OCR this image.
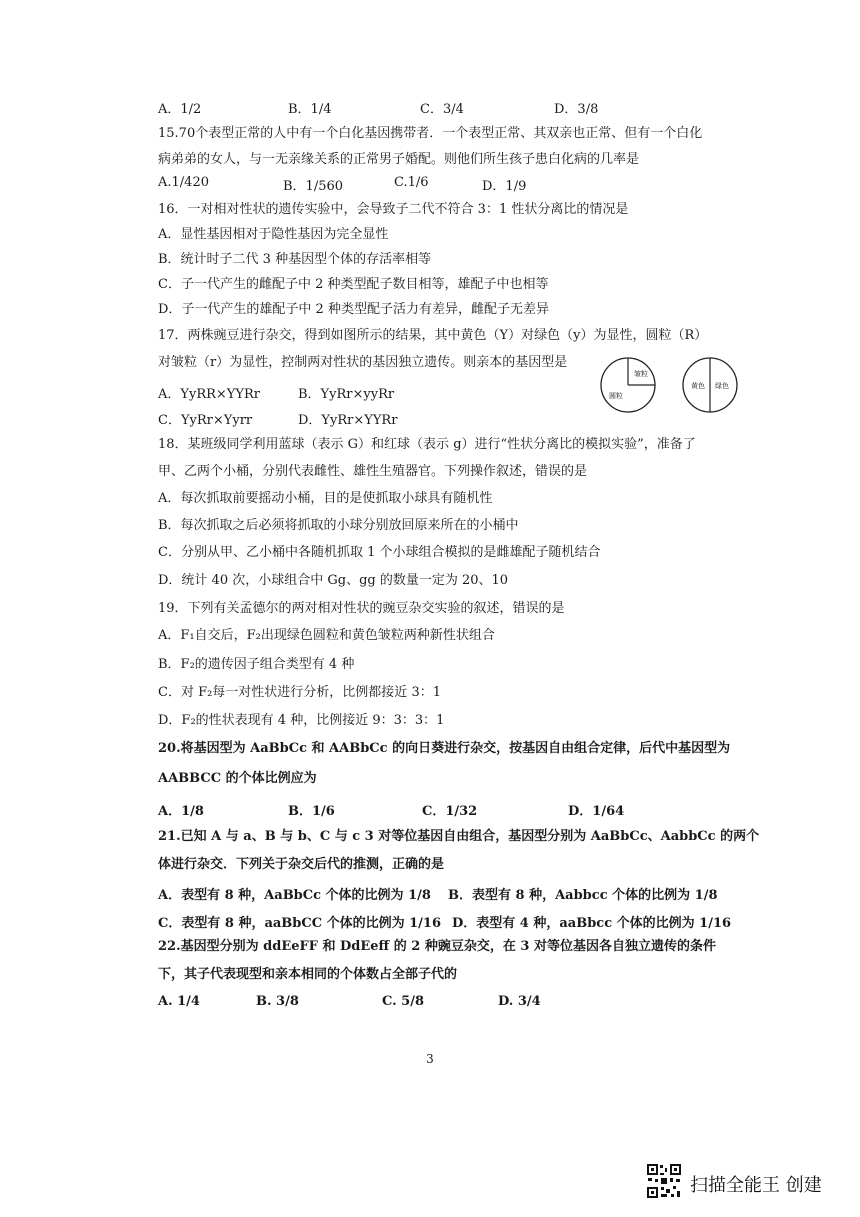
A．1/2	B．1/4	C．3/4	D．3/8
15.70个表型正常的人中有一个白化基因携带者．一个表型正常、其双亲也正常、但有一个白化
病弟弟的女人，与一无亲缘关系的正常男子婚配。则他们所生孩子患白化病的几率是
A.1/420	B．1/560	C.1/6	D．1/9
16．一对相对性状的遗传实验中，会导致子二代不符合 3：1 性状分离比的情况是
A．显性基因相对于隐性基因为完全显性
B．统计时子二代 3 种基因型个体的存活率相等
C．子一代产生的雌配子中 2 种类型配子数目相等，雄配子中也相等
D．子一代产生的雄配子中 2 种类型配子活力有差异，雌配子无差异
17．两株豌豆进行杂交，得到如图所示的结果，其中黄色（Y）对绿色（y）为显性，圆粒（R）
对皱粒（r）为显性，控制两对性状的基因独立遗传。则亲本的基因型是
A．YyRR×YYRr	B．YyRr×yyRr
C．YyRr×Yyrr	D．YyRr×YYRr
皱粒
圆粒
黄色 绿色
18．某班级同学利用蓝球（表示 G）和红球（表示 g）进行“性状分离比的模拟实验”，准备了
甲、乙两个小桶，分别代表雌性、雄性生殖器官。下列操作叙述，错误的是
A．每次抓取前要摇动小桶，目的是使抓取小球具有随机性
B．每次抓取之后必须将抓取的小球分别放回原来所在的小桶中
C．分别从甲、乙小桶中各随机抓取 1 个小球组合模拟的是雌雄配子随机结合
D．统计 40 次，小球组合中 Gg、gg 的数量一定为 20、10
19．下列有关孟德尔的两对相对性状的豌豆杂交实验的叙述，错误的是
A．F₁自交后，F₂出现绿色圆粒和黄色皱粒两种新性状组合
B．F₂的遗传因子组合类型有 4 种
C．对 F₂每一对性状进行分析，比例都接近 3：1
D．F₂的性状表现有 4 种，比例接近 9：3：3：1
20.将基因型为 AaBbCc 和 AABbCc 的向日葵进行杂交，按基因自由组合定律，后代中基因型为
AABBCC 的个体比例应为
A．1/8	B．1/6	C．1/32	D．1/64
21.已知 A 与 a、B 与 b、C 与 c 3 对等位基因自由组合，基因型分别为 AaBbCc、AabbCc 的两个
体进行杂交．下列关于杂交后代的推测，正确的是
A．表型有 8 种，AaBbCc 个体的比例为 1/8 B．表型有 8 种，Aabbcc 个体的比例为 1/8
C．表型有 8 种，aaBbCC 个体的比例为 1/16 D．表型有 4 种，aaBbcc 个体的比例为 1/16
22.基因型分别为 ddEeFF 和 DdEeff 的 2 种豌豆杂交，在 3 对等位基因各自独立遗传的条件
下，其子代表现型和亲本相同的个体数占全部子代的
A. 1/4	B. 3/8	C. 5/8	D. 3/4
3
扫描全能王 创建
